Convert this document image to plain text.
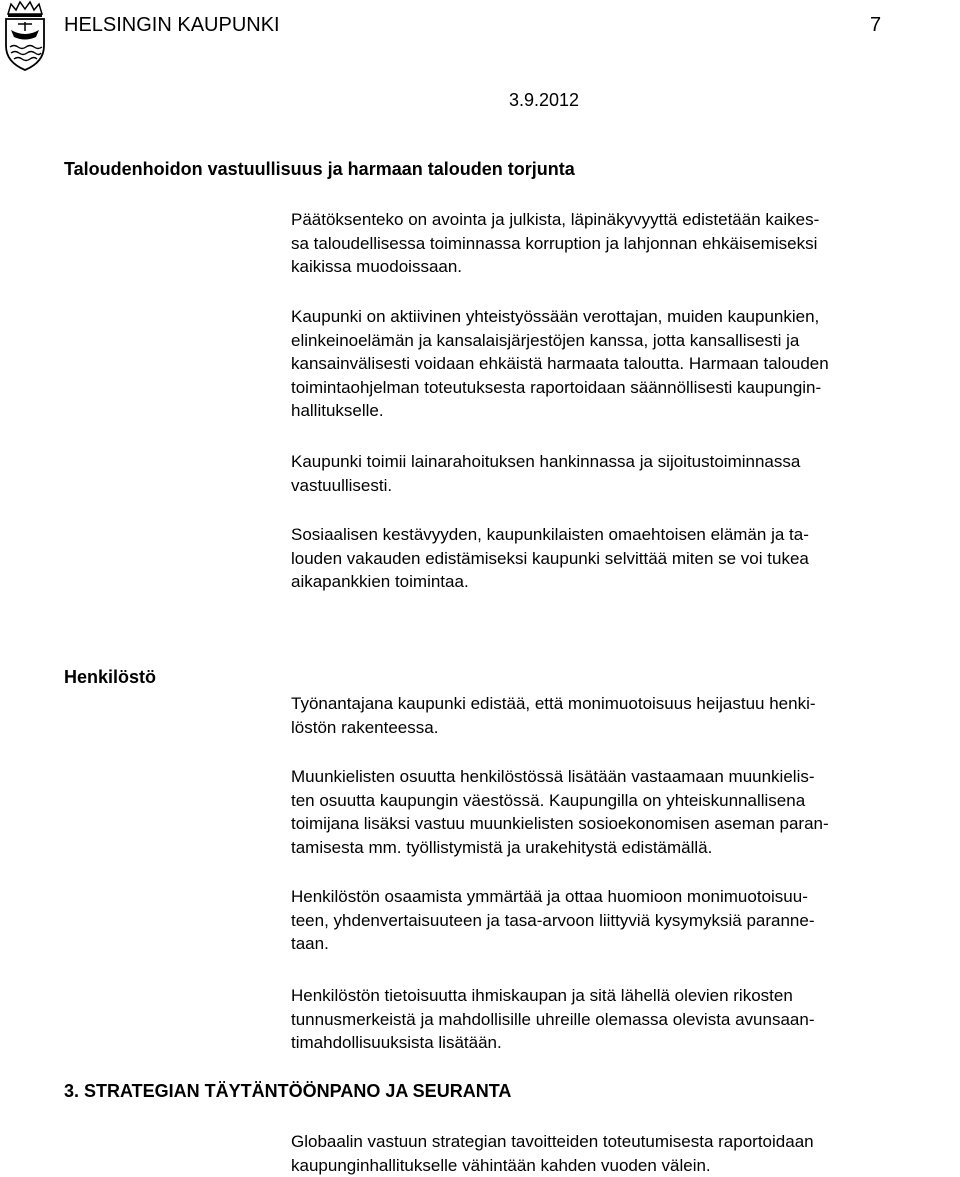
HELSINGIN KAUPUNKI	7
3.9.2012
Taloudenhoidon vastuullisuus ja harmaan talouden torjunta

Päätöksenteko on avointa ja julkista, läpinäkyvyyttä edistetään kaikes-
sa taloudellisessa toiminnassa korruption ja lahjonnan ehkäisemiseksi
kaikissa muodoissaan.

Kaupunki on aktiivinen yhteistyössään verottajan, muiden kaupunkien,
elinkeinoelämän ja kansalaisjärjestöjen kanssa, jotta kansallisesti ja
kansainvälisesti voidaan ehkäistä harmaata taloutta. Harmaan talouden
toimintaohjelman toteutuksesta raportoidaan säännöllisesti kaupungin-
hallitukselle.

Kaupunki toimii lainarahoituksen hankinnassa ja sijoitustoiminnassa
vastuullisesti.

Sosiaalisen kestävyyden, kaupunkilaisten omaehtoisen elämän ja ta-
louden vakauden edistämiseksi kaupunki selvittää miten se voi tukea
aikapankkien toimintaa.

Henkilöstö

Työnantajana kaupunki edistää, että monimuotoisuus heijastuu henki-
löstön rakenteessa.

Muunkielisten osuutta henkilöstössä lisätään vastaamaan muunkielis-
ten osuutta kaupungin väestössä. Kaupungilla on yhteiskunnallisena
toimijana lisäksi vastuu muunkielisten sosioekonomisen aseman paran-
tamisesta mm. työllistymistä ja urakehitystä edistämällä.

Henkilöstön osaamista ymmärtää ja ottaa huomioon monimuotoisuu-
teen, yhdenvertaisuuteen ja tasa-arvoon liittyviä kysymyksiä paranne-
taan.

Henkilöstön tietoisuutta ihmiskaupan ja sitä lähellä olevien rikosten
tunnusmerkeistä ja mahdollisille uhreille olemassa olevista avunsaan-
timahdollisuuksista lisätään.

3. STRATEGIAN TÄYTÄNTÖÖNPANO JA SEURANTA

Globaalin vastuun strategian tavoitteiden toteutumisesta raportoidaan
kaupunginhallitukselle vähintään kahden vuoden välein.
